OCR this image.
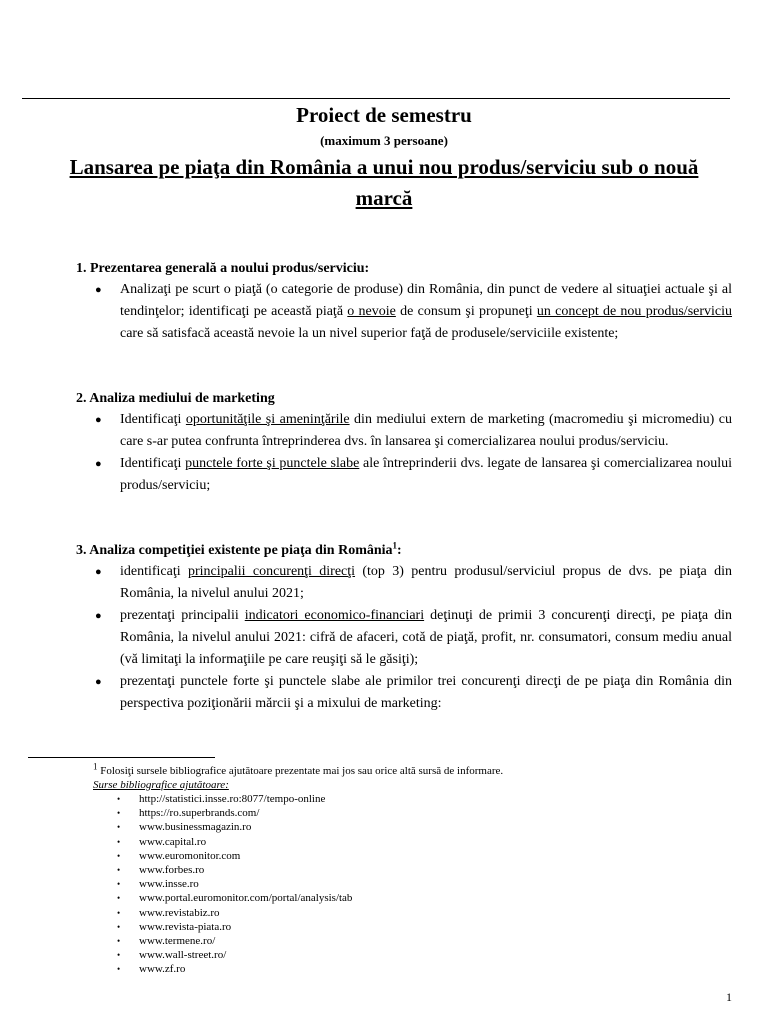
Proiect de semestru
(maximum 3 persoane)
Lansarea pe piaţa din România a unui nou produs/serviciu sub o nouă marcă
1. Prezentarea generală a noului produs/serviciu:
● Analizaţi pe scurt o piaţă (o categorie de produse) din România, din punct de vedere al situaţiei actuale şi al tendinţelor; identificaţi pe această piaţă o nevoie de consum şi propuneţi un concept de nou produs/serviciu care să satisfacă această nevoie la un nivel superior faţă de produsele/serviciile existente;
2. Analiza mediului de marketing
● Identificaţi oportunităţile şi ameninţările din mediului extern de marketing (macromediu şi micromediu) cu care s-ar putea confrunta întreprinderea dvs. în lansarea şi comercializarea noului produs/serviciu.
● Identificaţi punctele forte şi punctele slabe ale întreprinderii dvs. legate de lansarea şi comercializarea noului produs/serviciu;
3. Analiza competiţiei existente pe piaţa din România$^1$:
● identificaţi principalii concurenţi direcţi (top 3) pentru produsul/serviciul propus de dvs. pe piaţa din România, la nivelul anului 2021;
● prezentaţi principalii indicatori economico-financiari deţinuţi de primii 3 concurenţi direcţi, pe piaţa din România, la nivelul anului 2021: cifră de afaceri, cotă de piaţă, profit, nr. consumatori, consum mediu anual (vă limitaţi la informaţiile pe care reuşiţi să le găsiţi);
● prezentaţi punctele forte şi punctele slabe ale primilor trei concurenţi direcţi de pe piaţa din România din perspectiva poziţionării mărcii şi a mixului de marketing:
$^1$ Folosiţi sursele bibliografice ajutătoare prezentate mai jos sau orice altă sursă de informare.
Surse bibliografice ajutătoare:
• http://statistici.insse.ro:8077/tempo-online
• https://ro.superbrands.com/
• www.businessmagazin.ro
• www.capital.ro
• www.euromonitor.com
• www.forbes.ro
• www.insse.ro
• www.portal.euromonitor.com/portal/analysis/tab
• www.revistabiz.ro
• www.revista-piata.ro
• www.termene.ro/
• www.wall-street.ro/
• www.zf.ro
1
